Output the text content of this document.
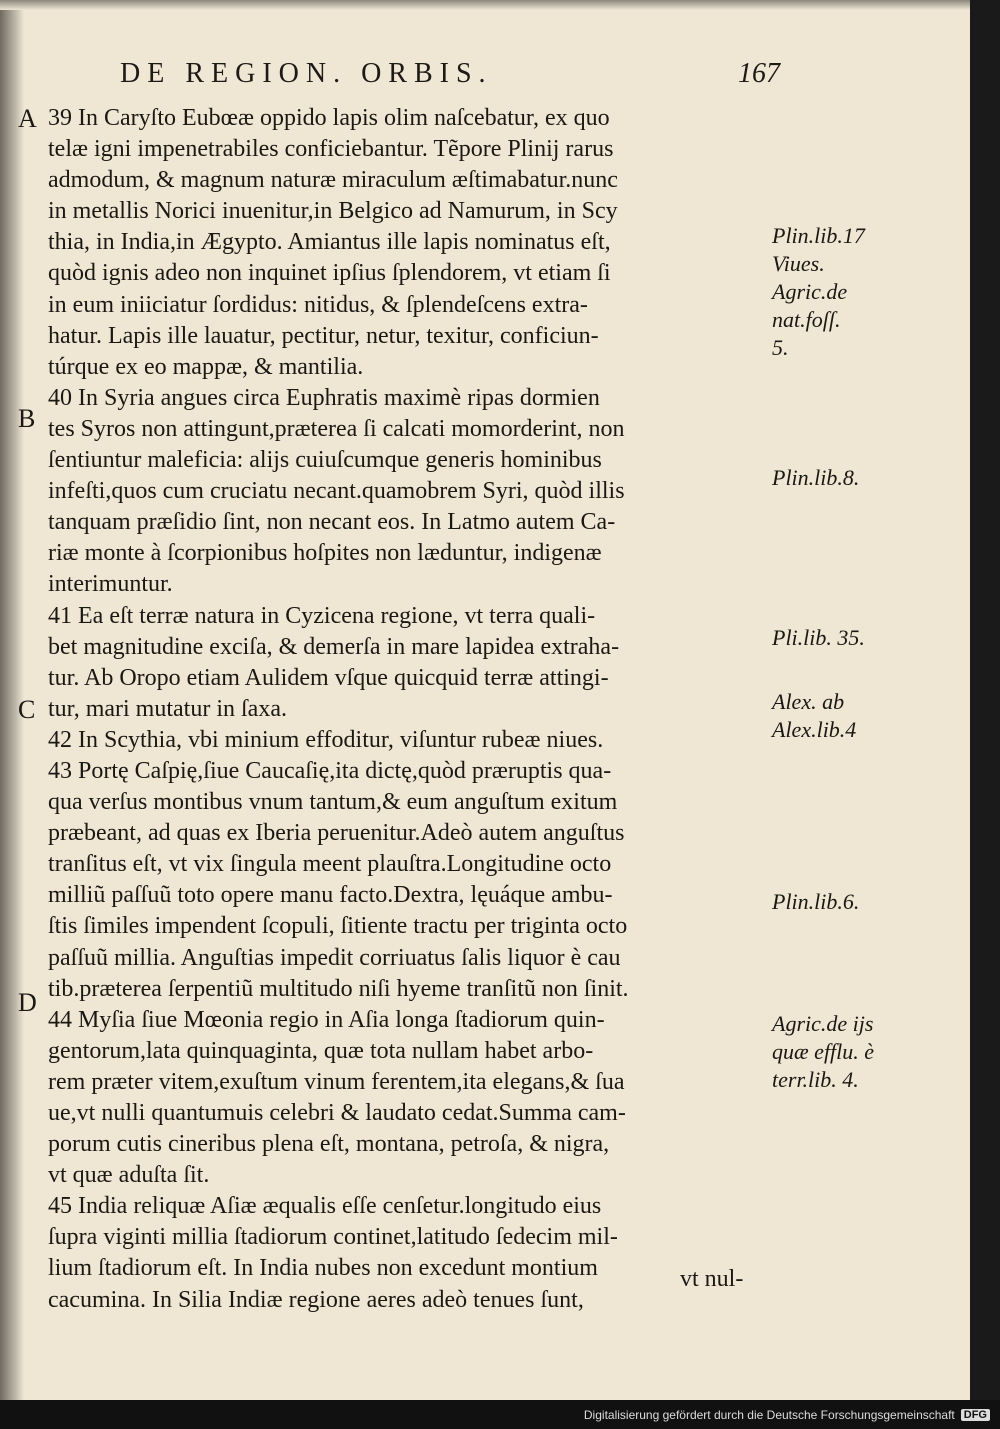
DE REGION. ORBIS.	167
A
B
C
D
39 In Caryſto Eubœæ oppido lapis olim naſcebatur, ex quo
telæ igni impenetrabiles conficiebantur. Tẽpore Plinij rarus
admodum, & magnum naturæ miraculum æſtimabatur.nunc
in metallis Norici inuenitur,in Belgico ad Namurum, in Scy
thia, in India,in Ægypto. Amiantus ille lapis nominatus eſt,
quòd ignis adeo non inquinet ipſius ſplendorem, vt etiam ſi
in eum iniiciatur ſordidus: nitidus, & ſplendeſcens extra-
hatur. Lapis ille lauatur, pectitur, netur, texitur, conficiun-
túrque ex eo mappæ, & mantilia.
40 In Syria angues circa Euphratis maximè ripas dormien
tes Syros non attingunt,præterea ſi calcati momorderint, non
ſentiuntur maleficia: alijs cuiuſcumque generis hominibus
infeſti,quos cum cruciatu necant.quamobrem Syri, quòd illis
tanquam præſidio ſint, non necant eos. In Latmo autem Ca-
riæ monte à ſcorpionibus hoſpites non læduntur, indigenæ
interimuntur.
41 Ea eſt terræ natura in Cyzicena regione, vt terra quali-
bet magnitudine exciſa, & demerſa in mare lapidea extraha-
tur. Ab Oropo etiam Aulidem vſque quicquid terræ attingi-
tur, mari mutatur in ſaxa.
42 In Scythia, vbi minium effoditur, viſuntur rubeæ niues.
43 Portę Caſpię,ſiue Caucaſię,ita dictę,quòd præruptis qua-
qua verſus montibus vnum tantum,& eum anguſtum exitum
præbeant, ad quas ex Iberia peruenitur.Adeò autem anguſtus
tranſitus eſt, vt vix ſingula meent plauſtra.Longitudine octo
milliũ paſſuũ toto opere manu facto.Dextra, lęuáque ambu-
ſtis ſimiles impendent ſcopuli, ſitiente tractu per triginta octo
paſſuũ millia. Anguſtias impedit corriuatus ſalis liquor è cau
tib.præterea ſerpentiũ multitudo niſi hyeme tranſitũ non ſinit.
44 Myſia ſiue Mœonia regio in Aſia longa ſtadiorum quin-
gentorum,lata quinquaginta, quæ tota nullam habet arbo-
rem præter vitem,exuſtum vinum ferentem,ita elegans,& ſua
ue,vt nulli quantumuis celebri & laudato cedat.Summa cam-
porum cutis cineribus plena eſt, montana, petroſa, & nigra,
vt quæ aduſta ſit.
45 India reliquæ Aſiæ æqualis eſſe cenſetur.longitudo eius
ſupra viginti millia ſtadiorum continet,latitudo ſedecim mil-
lium ſtadiorum eſt. In India nubes non excedunt montium
cacumina. In Silia Indiæ regione aeres adeò tenues ſunt,
Plin.lib.17
Viues.
Agric.de
nat.foſſ.
5.
Plin.lib.8.
Pli.lib. 35.
Alex. ab
Alex.lib.4
Plin.lib.6.
Agric.de ijs
quæ efflu. è
terr.lib. 4.
vt nul-
Digitalisierung gefördert durch die Deutsche Forschungsgemeinschaft DFG
